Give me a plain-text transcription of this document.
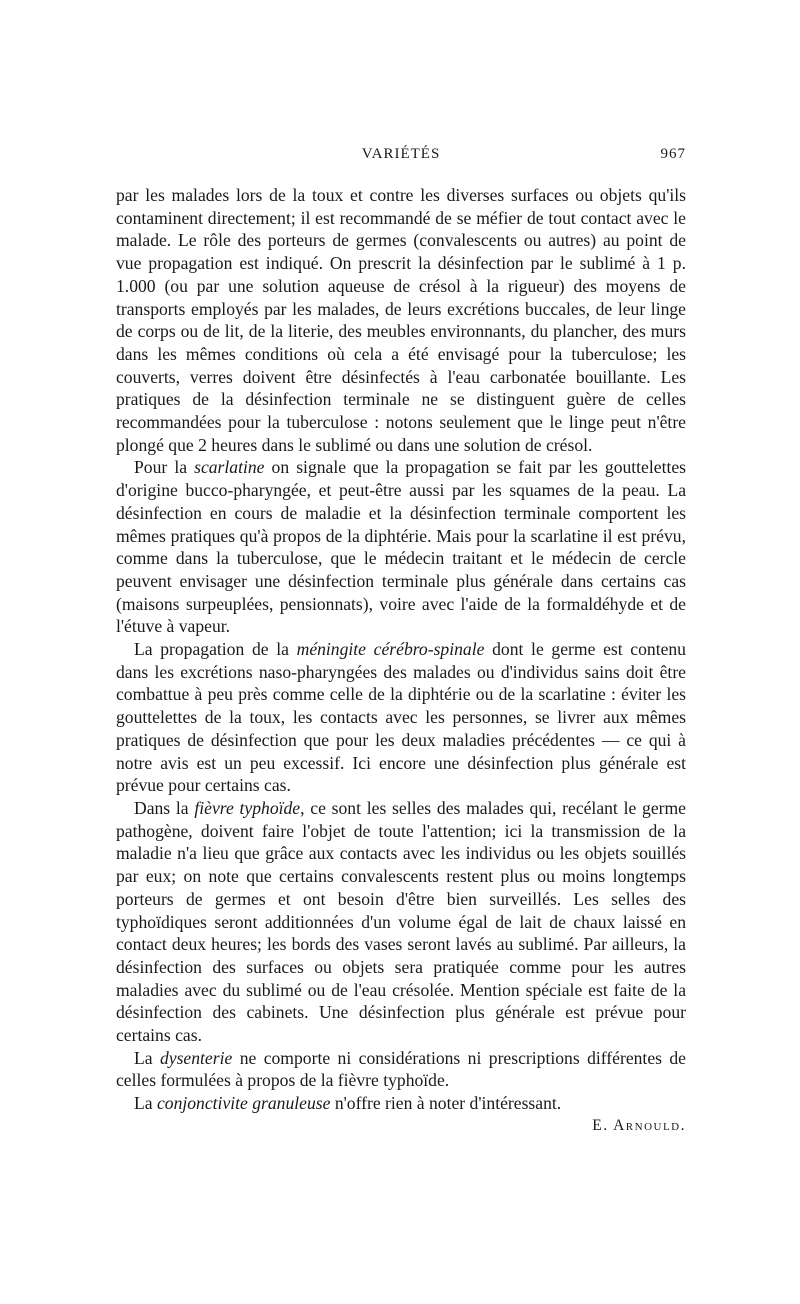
VARIÉTÉS	967

par les malades lors de la toux et contre les diverses surfaces ou objets qu'ils contaminent directement; il est recommandé de se méfier de tout contact avec le malade. Le rôle des porteurs de germes (convalescents ou autres) au point de vue propagation est indiqué. On prescrit la désinfection par le sublimé à 1 p. 1.000 (ou par une solution aqueuse de crésol à la rigueur) des moyens de transports employés par les malades, de leurs excrétions buccales, de leur linge de corps ou de lit, de la literie, des meubles environnants, du plancher, des murs dans les mêmes conditions où cela a été envisagé pour la tuberculose; les couverts, verres doivent être désinfectés à l'eau carbonatée bouillante. Les pratiques de la désinfection terminale ne se distinguent guère de celles recommandées pour la tuberculose : notons seulement que le linge peut n'être plongé que 2 heures dans le sublimé ou dans une solution de crésol.

Pour la scarlatine on signale que la propagation se fait par les gouttelettes d'origine bucco-pharyngée, et peut-être aussi par les squames de la peau. La désinfection en cours de maladie et la désinfection terminale comportent les mêmes pratiques qu'à propos de la diphtérie. Mais pour la scarlatine il est prévu, comme dans la tuberculose, que le médecin traitant et le médecin de cercle peuvent envisager une désinfection terminale plus générale dans certains cas (maisons surpeuplées, pensionnats), voire avec l'aide de la formaldéhyde et de l'étuve à vapeur.

La propagation de la méningite cérébro-spinale dont le germe est contenu dans les excrétions naso-pharyngées des malades ou d'individus sains doit être combattue à peu près comme celle de la diphtérie ou de la scarlatine : éviter les gouttelettes de la toux, les contacts avec les personnes, se livrer aux mêmes pratiques de désinfection que pour les deux maladies précédentes — ce qui à notre avis est un peu excessif. Ici encore une désinfection plus générale est prévue pour certains cas.

Dans la fièvre typhoïde, ce sont les selles des malades qui, recélant le germe pathogène, doivent faire l'objet de toute l'attention; ici la transmission de la maladie n'a lieu que grâce aux contacts avec les individus ou les objets souillés par eux; on note que certains convalescents restent plus ou moins longtemps porteurs de germes et ont besoin d'être bien surveillés. Les selles des typhoïdiques seront additionnées d'un volume égal de lait de chaux laissé en contact deux heures; les bords des vases seront lavés au sublimé. Par ailleurs, la désinfection des surfaces ou objets sera pratiquée comme pour les autres maladies avec du sublimé ou de l'eau crésolée. Mention spéciale est faite de la désinfection des cabinets. Une désinfection plus générale est prévue pour certains cas.

La dysenterie ne comporte ni considérations ni prescriptions différentes de celles formulées à propos de la fièvre typhoïde.

La conjonctivite granuleuse n'offre rien à noter d'intéressant.

E. Arnould.
